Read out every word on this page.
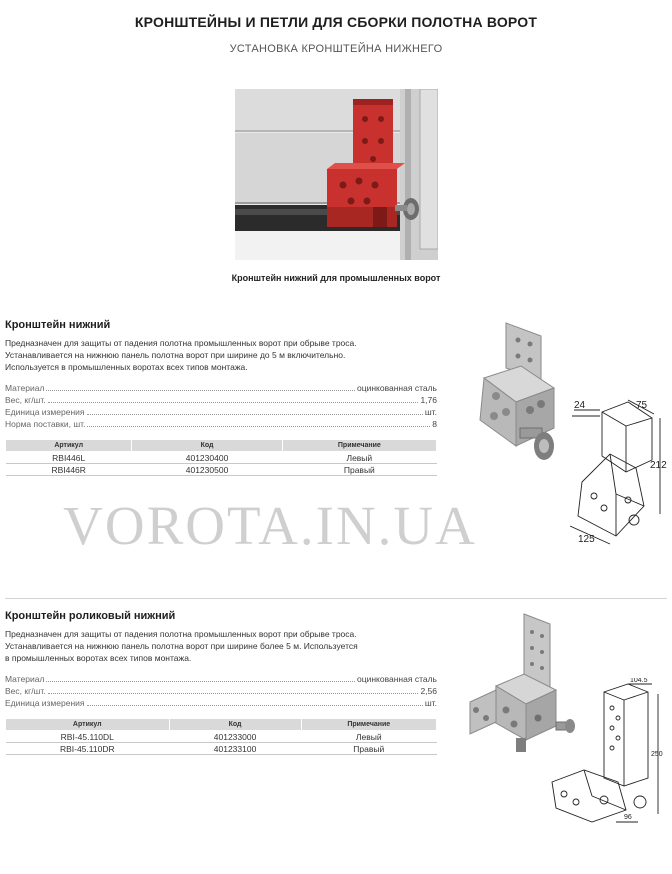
КРОНШТЕЙНЫ И ПЕТЛИ ДЛЯ СБОРКИ ПОЛОТНА ВОРОТ
УСТАНОВКА КРОНШТЕЙНА НИЖНЕГО
Кронштейн нижний для промышленных ворот
Кронштейн нижний

Предназначен для защиты от падения полотна промышленных ворот при обрыве троса.

Устанавливается на нижнюю панель полотна ворот при ширине до 5 м включительно.

Используется в промышленных воротах всех типов монтажа.

Материал	оцинкованная сталь
Вес, кг/шт.	1,76
Единица измерения	шт.
Норма поставки, шт.	8
Артикул	Код	Примечание
RBI446L	401230400	Левый
RBI446R	401230500	Правый
24	75
212
125
VOROTA.IN.UA
Кронштейн роликовый нижний

Предназначен для защиты от падения полотна промышленных ворот при обрыве троса.

Устанавливается на нижнюю панель полотна ворот при ширине более 5 м. Используется

в промышленных воротах всех типов монтажа.

Материал	оцинкованная сталь
Вес, кг/шт.	2,56
Единица измерения	шт.
Артикул	Код	Примечание
RBI-45.110DL	401233000	Левый
RBI-45.110DR	401233100	Правый
104.5
250
96
